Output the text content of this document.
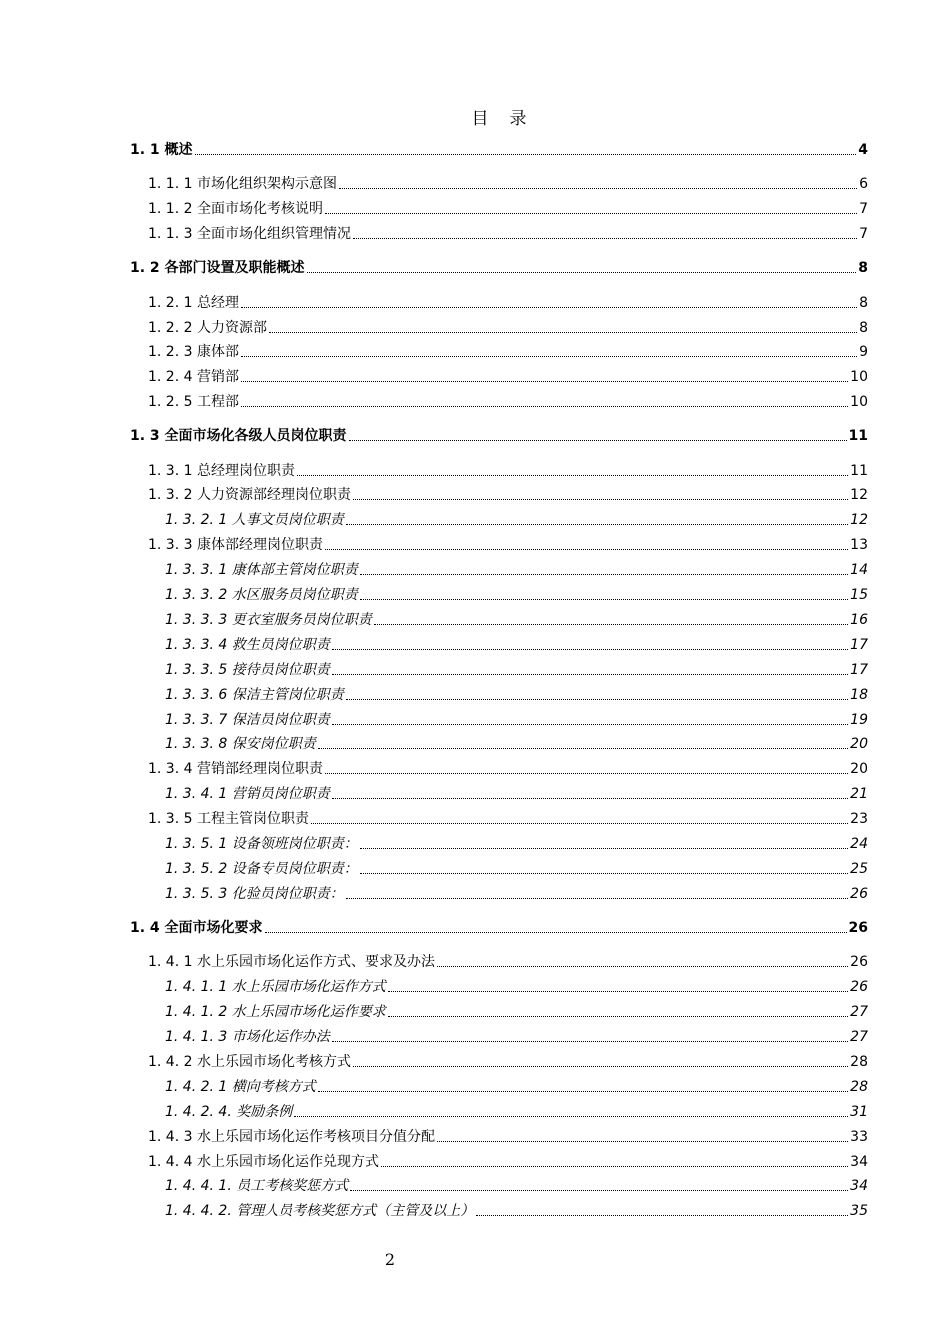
目　录
1. 1 概述	4
1. 1. 1 市场化组织架构示意图	6
1. 1. 2 全面市场化考核说明	7
1. 1. 3 全面市场化组织管理情况	7
1. 2 各部门设置及职能概述	8
1. 2. 1 总经理	8
1. 2. 2 人力资源部	8
1. 2. 3 康体部	9
1. 2. 4 营销部	10
1. 2. 5 工程部	10
1. 3 全面市场化各级人员岗位职责	11
1. 3. 1 总经理岗位职责	11
1. 3. 2 人力资源部经理岗位职责	12
1. 3. 2. 1 人事文员岗位职责	12
1. 3. 3 康体部经理岗位职责	13
1. 3. 3. 1 康体部主管岗位职责	14
1. 3. 3. 2 水区服务员岗位职责	15
1. 3. 3. 3 更衣室服务员岗位职责	16
1. 3. 3. 4 救生员岗位职责	17
1. 3. 3. 5 接待员岗位职责	17
1. 3. 3. 6 保洁主管岗位职责	18
1. 3. 3. 7 保洁员岗位职责	19
1. 3. 3. 8 保安岗位职责	20
1. 3. 4 营销部经理岗位职责	20
1. 3. 4. 1 营销员岗位职责	21
1. 3. 5 工程主管岗位职责	23
1. 3. 5. 1 设备领班岗位职责：	24
1. 3. 5. 2 设备专员岗位职责：	25
1. 3. 5. 3 化验员岗位职责：	26
1. 4 全面市场化要求	26
1. 4. 1 水上乐园市场化运作方式、要求及办法	26
1. 4. 1. 1 水上乐园市场化运作方式	26
1. 4. 1. 2 水上乐园市场化运作要求	27
1. 4. 1. 3 市场化运作办法	27
1. 4. 2 水上乐园市场化考核方式	28
1. 4. 2. 1 横向考核方式	28
1. 4. 2. 4. 奖励条例	31
1. 4. 3 水上乐园市场化运作考核项目分值分配	33
1. 4. 4 水上乐园市场化运作兑现方式	34
1. 4. 4. 1. 员工考核奖惩方式	34
1. 4. 4. 2. 管理人员考核奖惩方式（主管及以上）	35
2
